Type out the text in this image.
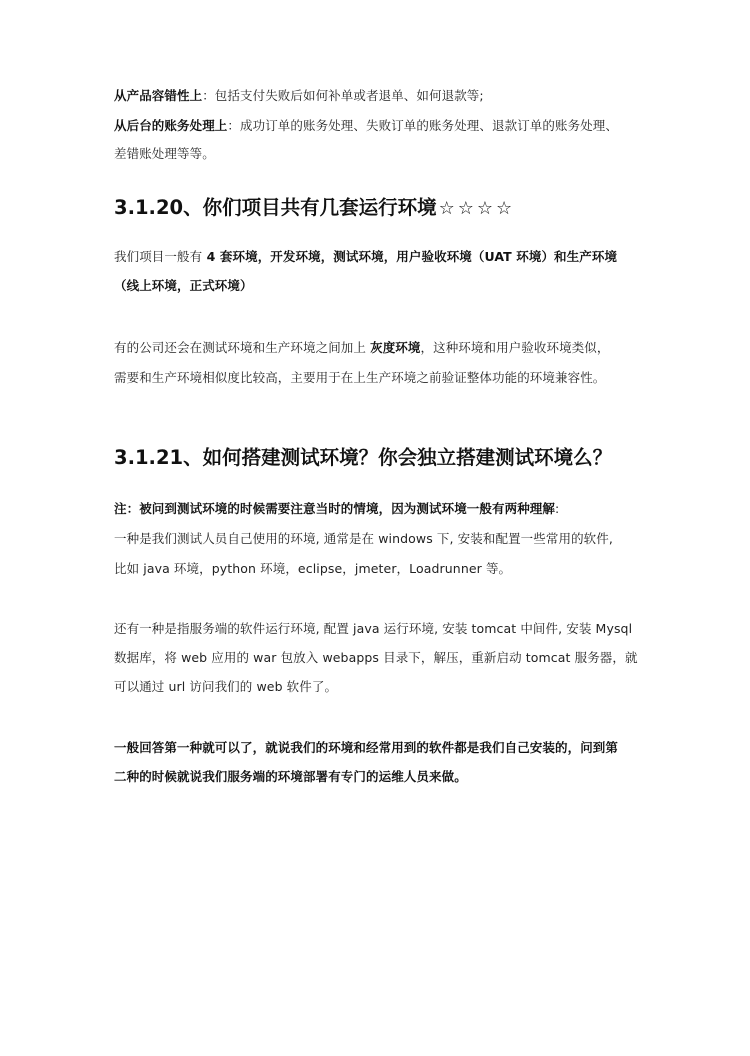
从产品容错性上：包括支付失败后如何补单或者退单、如何退款等;
从后台的账务处理上：成功订单的账务处理、失败订单的账务处理、退款订单的账务处理、
差错账处理等等。
3.1.20、你们项目共有几套运行环境 ☆☆☆☆
我们项目一般有 4 套环境，开发环境，测试环境，用户验收环境（UAT 环境）和生产环境
（线上环境，正式环境）
有的公司还会在测试环境和生产环境之间加上 灰度环境，这种环境和用户验收环境类似，
需要和生产环境相似度比较高，主要用于在上生产环境之前验证整体功能的环境兼容性。
3.1.21、如何搭建测试环境？你会独立搭建测试环境么？
注：被问到测试环境的时候需要注意当时的情境，因为测试环境一般有两种理解:
一种是我们测试人员自己使用的环境, 通常是在 windows 下, 安装和配置一些常用的软件,
比如 java 环境，python 环境，eclipse，jmeter，Loadrunner 等。
还有一种是指服务端的软件运行环境, 配置 java 运行环境, 安装 tomcat 中间件, 安装 Mysql
数据库，将 web 应用的 war 包放入 webapps 目录下，解压，重新启动 tomcat 服务器，就
可以通过 url 访问我们的 web 软件了。
一般回答第一种就可以了，就说我们的环境和经常用到的软件都是我们自己安装的，问到第
二种的时候就说我们服务端的环境部署有专门的运维人员来做。
